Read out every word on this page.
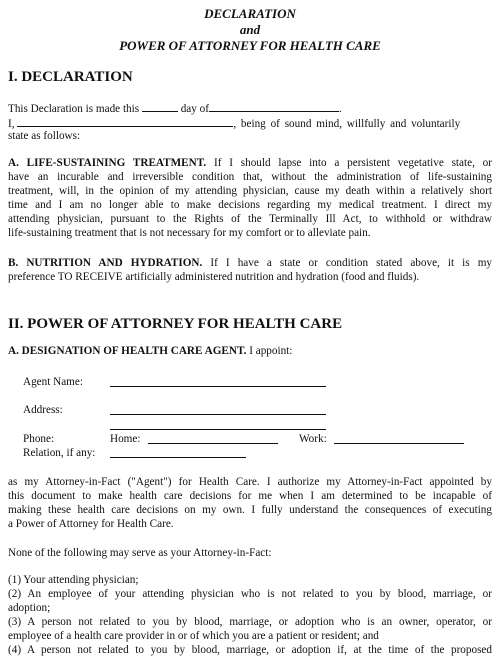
DECLARATION
and
POWER OF ATTORNEY FOR HEALTH CARE
I. DECLARATION
This Declaration is made this	day of	.
I,	, being of sound mind, willfully and voluntarily
state as follows:
A. LIFE-SUSTAINING TREATMENT. If I should lapse into a persistent vegetative state, or
have an incurable and irreversible condition that, without the administration of life-sustaining
treatment, will, in the opinion of my attending physician, cause my death within a relatively short
time and I am no longer able to make decisions regarding my medical treatment. I direct my
attending physician, pursuant to the Rights of the Terminally Ill Act, to withhold or withdraw
life-sustaining treatment that is not necessary for my comfort or to alleviate pain.
B. NUTRITION AND HYDRATION. If I have a state or condition stated above, it is my
preference TO RECEIVE artificially administered nutrition and hydration (food and fluids).
II. POWER OF ATTORNEY FOR HEALTH CARE
A. DESIGNATION OF HEALTH CARE AGENT. I appoint:
Agent Name:
Address:
Phone:	Home:	Work:
Relation, if any:
as my Attorney-in-Fact ("Agent") for Health Care. I authorize my Attorney-in-Fact appointed by
this document to make health care decisions for me when I am determined to be incapable of
making these health care decisions on my own. I fully understand the consequences of executing
a Power of Attorney for Health Care.
None of the following may serve as your Attorney-in-Fact:
(1) Your attending physician;
(2) An employee of your attending physician who is not related to you by blood, marriage, or
adoption;
(3) A person not related to you by blood, marriage, or adoption who is an owner, operator, or
employee of a health care provider in or of which you are a patient or resident; and
(4) A person not related to you by blood, marriage, or adoption if, at the time of the proposed
